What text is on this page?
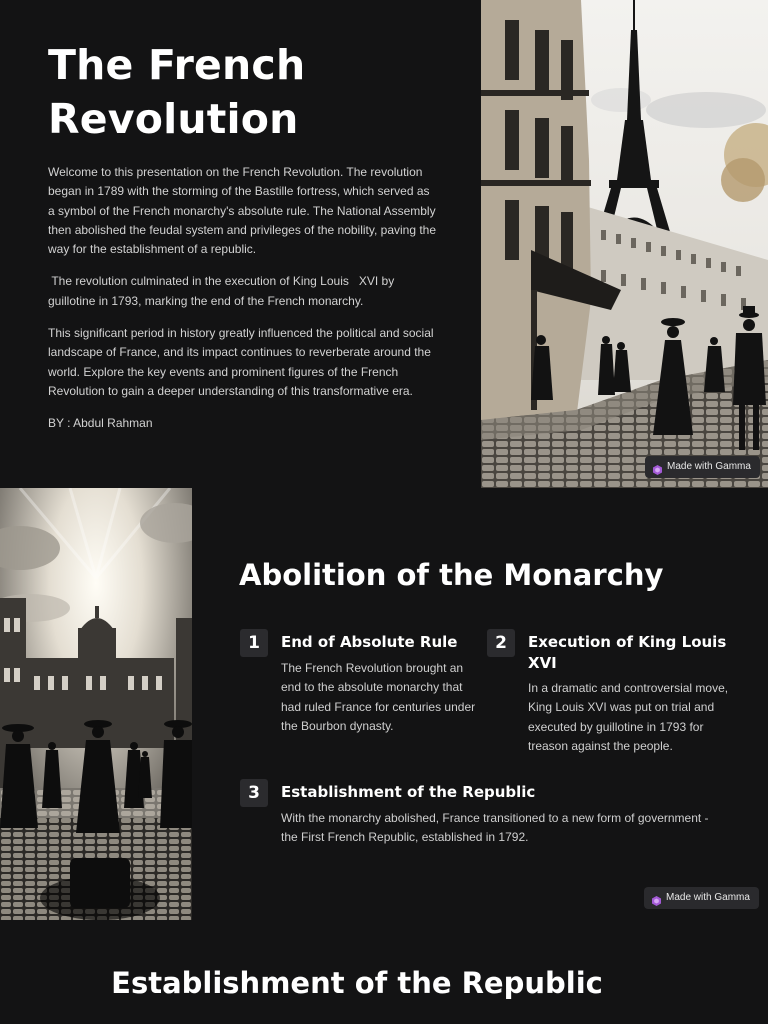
The French
Revolution

Welcome to this presentation on the French Revolution. The revolution began in 1789 with the storming of the Bastille fortress, which served as a symbol of the French monarchy's absolute rule. The National Assembly then abolished the feudal system and privileges of the nobility, paving the way for the establishment of a republic.

The revolution culminated in the execution of King Louis   XVI by guillotine in 1793, marking the end of the French monarchy.

This significant period in history greatly influenced the political and social landscape of France, and its impact continues to reverberate around the world. Explore the key events and prominent figures of the French Revolution to gain a deeper understanding of this transformative era.

BY : Abdul Rahman

Made with Gamma
Abolition of the Monarchy
1	End of Absolute Rule
The French Revolution brought an end to the absolute monarchy that had ruled France for centuries under the Bourbon dynasty.
2	Execution of King Louis XVI
In a dramatic and controversial move, King Louis XVI was put on trial and executed by guillotine in 1793 for treason against the people.
3	Establishment of the Republic
With the monarchy abolished, France transitioned to a new form of government - the First French Republic, established in 1792.
Made with Gamma
Establishment of the Republic
